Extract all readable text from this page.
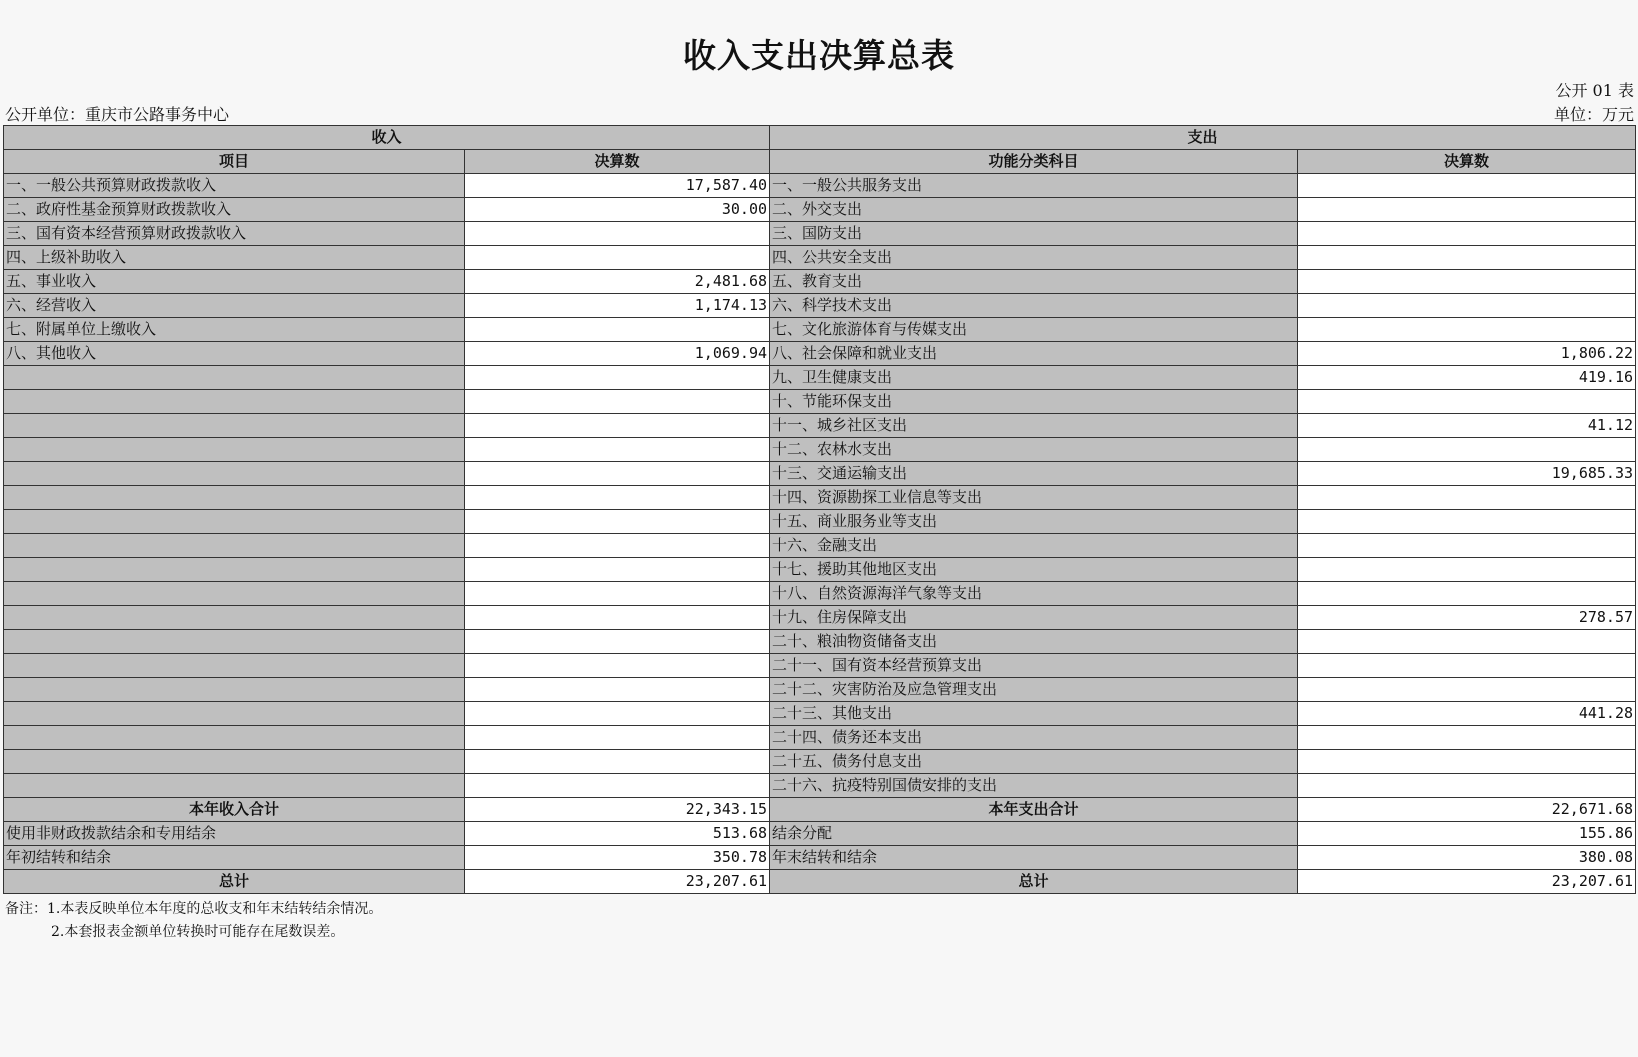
收入支出决算总表
公开 01 表
公开单位：重庆市公路事务中心	单位：万元
收入		支出	
项目	决算数	功能分类科目	决算数
一、一般公共预算财政拨款收入	17,587.40	一、一般公共服务支出	
二、政府性基金预算财政拨款收入	30.00	二、外交支出	
三、国有资本经营预算财政拨款收入		三、国防支出	
四、上级补助收入		四、公共安全支出	
五、事业收入	2,481.68	五、教育支出	
六、经营收入	1,174.13	六、科学技术支出	
七、附属单位上缴收入		七、文化旅游体育与传媒支出	
八、其他收入	1,069.94	八、社会保障和就业支出	1,806.22
		九、卫生健康支出	419.16
		十、节能环保支出	
		十一、城乡社区支出	41.12
		十二、农林水支出	
		十三、交通运输支出	19,685.33
		十四、资源勘探工业信息等支出	
		十五、商业服务业等支出	
		十六、金融支出	
		十七、援助其他地区支出	
		十八、自然资源海洋气象等支出	
		十九、住房保障支出	278.57
		二十、粮油物资储备支出	
		二十一、国有资本经营预算支出	
		二十二、灾害防治及应急管理支出	
		二十三、其他支出	441.28
		二十四、债务还本支出	
		二十五、债务付息支出	
		二十六、抗疫特别国债安排的支出	
本年收入合计	22,343.15	本年支出合计	22,671.68
使用非财政拨款结余和专用结余	513.68	结余分配	155.86
年初结转和结余	350.78	年末结转和结余	380.08
总计	23,207.61	总计	23,207.61
备注：1.本表反映单位本年度的总收支和年末结转结余情况。
2.本套报表金额单位转换时可能存在尾数误差。
